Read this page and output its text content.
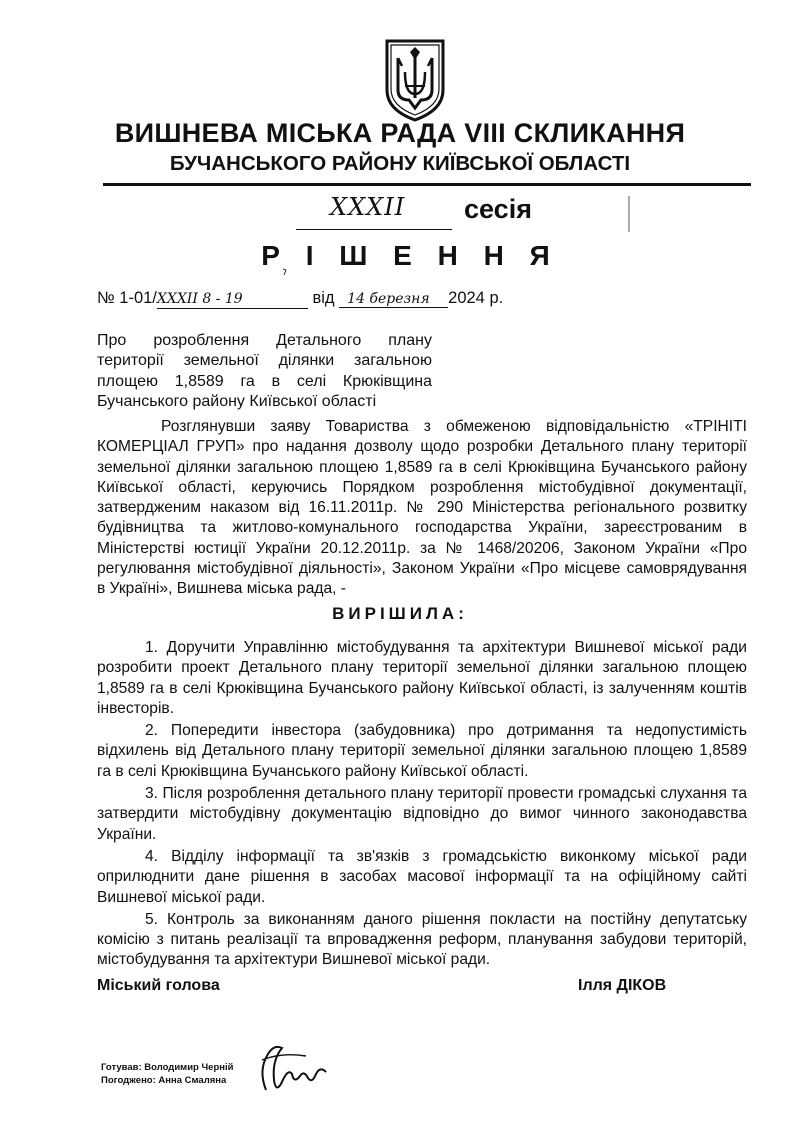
ВИШНЕВА МІСЬКА РАДА VIII СКЛИКАННЯ
БУЧАНСЬКОГО РАЙОНУ КИЇВСЬКОЇ ОБЛАСТІ
XXXII сесія
Р І Ш Е Н Н Я
№ 1-01/XXXII 8 - 19	від 14 березня 2024 р.
Про розроблення Детального плану
території земельної ділянки загальною
площею 1,8589 га в селі Крюківщина
Бучанського району Київської області
Розглянувши заяву Товариства з обмеженою відповідальністю «ТРІНІТІ КОМЕРЦІАЛ ГРУП» про надання дозволу щодо розробки Детального плану території земельної ділянки загальною площею 1,8589 га в селі Крюківщина Бучанського району Київської області, керуючись Порядком розроблення містобудівної документації, затвердженим наказом від 16.11.2011р. № 290 Міністерства регіонального розвитку будівництва та житлово-комунального господарства України, зареєстрованим в Міністерстві юстиції України 20.12.2011р. за № 1468/20206, Законом України «Про регулювання містобудівної діяльності», Законом України «Про місцеве самоврядування в Україні», Вишнева міська рада, -
ВИРІШИЛА:

1. Доручити Управлінню містобудування та архітектури Вишневої міської ради розробити проект Детального плану території земельної ділянки загальною площею 1,8589 га в селі Крюківщина Бучанського району Київської області, із залученням коштів інвесторів.

2. Попередити інвестора (забудовника) про дотримання та недопустимість відхилень від Детального плану території земельної ділянки загальною площею 1,8589 га в селі Крюківщина Бучанського району Київської області.

3. Після розроблення детального плану території провести громадські слухання та затвердити містобудівну документацію відповідно до вимог чинного законодавства України.

4. Відділу інформації та зв'язків з громадськістю виконкому міської ради оприлюднити дане рішення в засобах масової інформації та на офіційному сайті Вишневої міської ради.

5. Контроль за виконанням даного рішення покласти на постійну депутатську комісію з питань реалізації та впровадження реформ, планування забудови територій, містобудування та архітектури Вишневої міської ради.

Міський голова	Ілля ДІКОВ
Готував: Володимир Черній
Погоджено: Анна Смаляна
